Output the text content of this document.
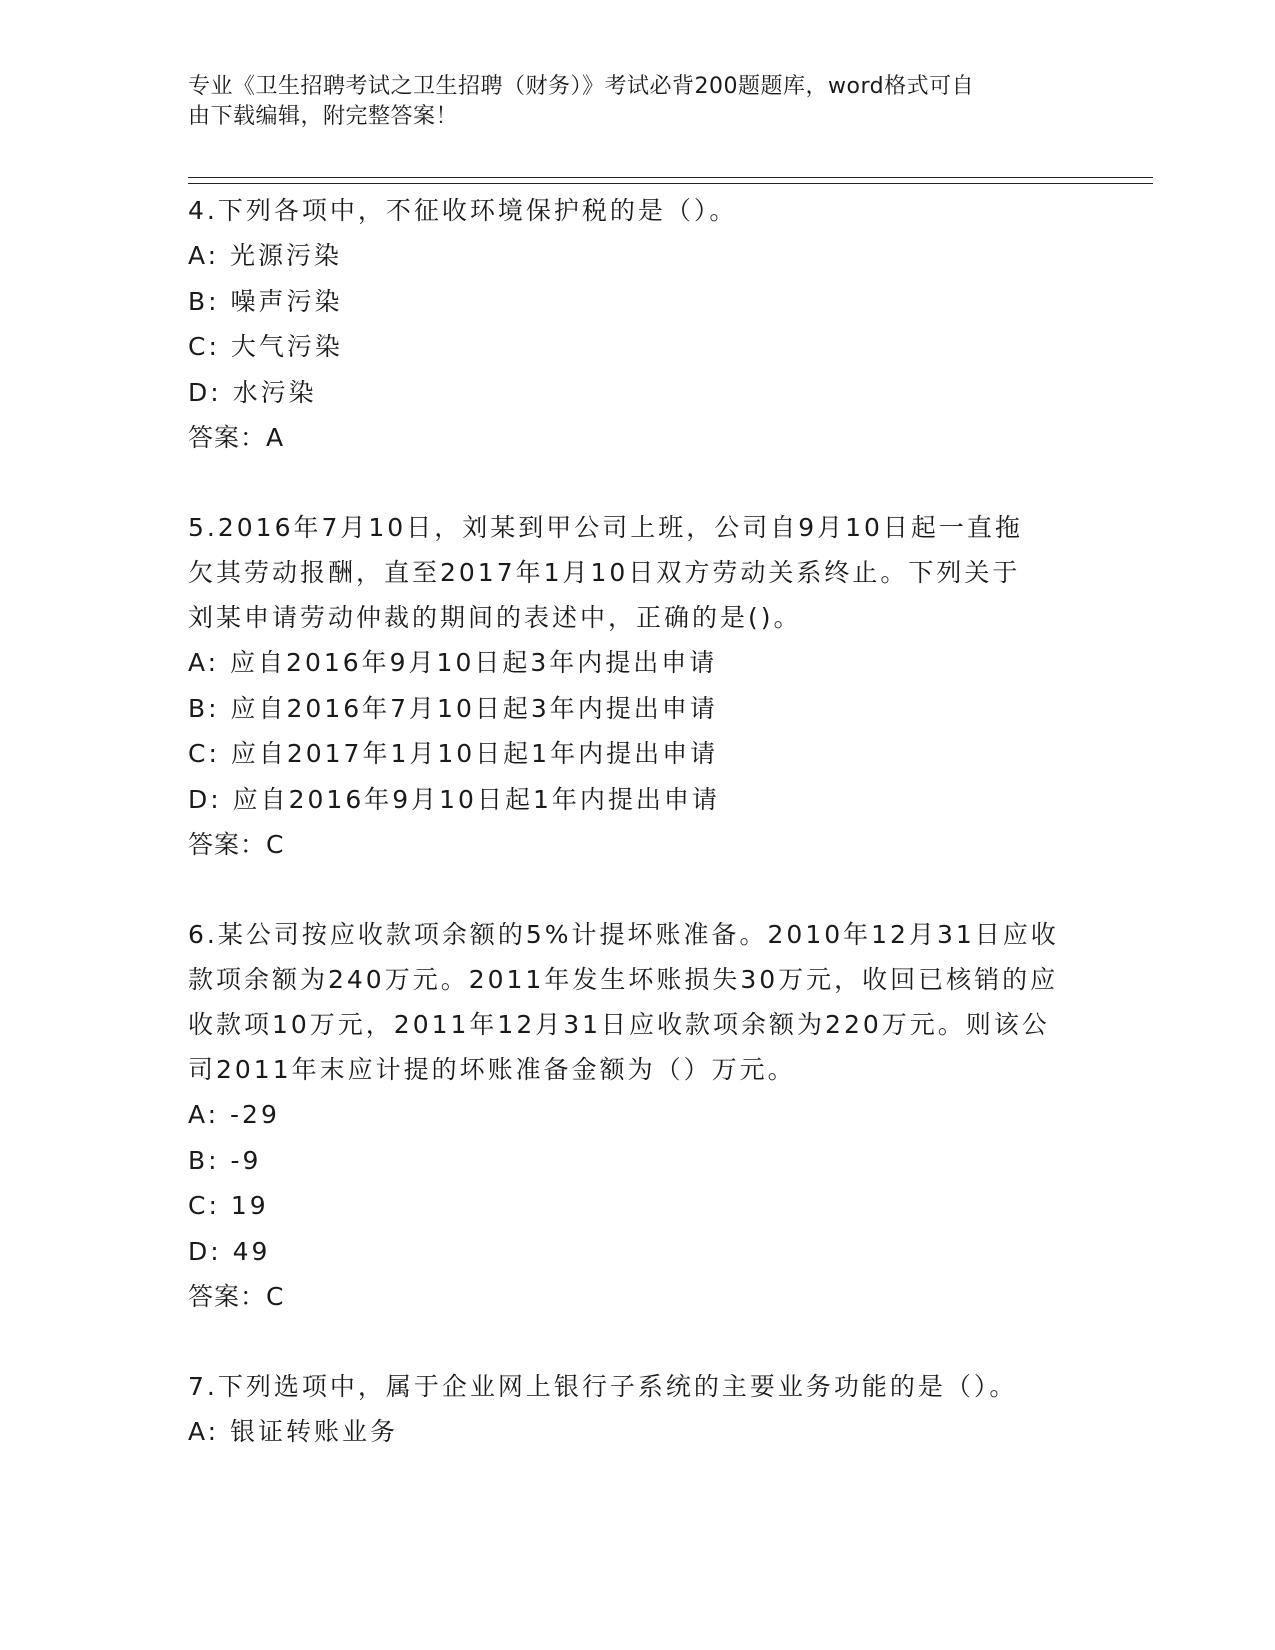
专业《卫生招聘考试之卫生招聘（财务）》考试必背200题题库，word格式可自
由下载编辑，附完整答案！
4.下列各项中，不征收环境保护税的是（）。
A: 光源污染
B: 噪声污染
C: 大气污染
D: 水污染
答案：A
5.2016年7月10日，刘某到甲公司上班，公司自9月10日起一直拖
欠其劳动报酬，直至2017年1月10日双方劳动关系终止。下列关于
刘某申请劳动仲裁的期间的表述中，正确的是()。
A: 应自2016年9月10日起3年内提出申请
B: 应自2016年7月10日起3年内提出申请
C: 应自2017年1月10日起1年内提出申请
D: 应自2016年9月10日起1年内提出申请
答案：C
6.某公司按应收款项余额的5%计提坏账准备。2010年12月31日应收
款项余额为240万元。2011年发生坏账损失30万元，收回已核销的应
收款项10万元，2011年12月31日应收款项余额为220万元。则该公
司2011年末应计提的坏账准备金额为（）万元。
A: -29
B: -9
C: 19
D: 49
答案：C
7.下列选项中，属于企业网上银行子系统的主要业务功能的是（）。
A: 银证转账业务
